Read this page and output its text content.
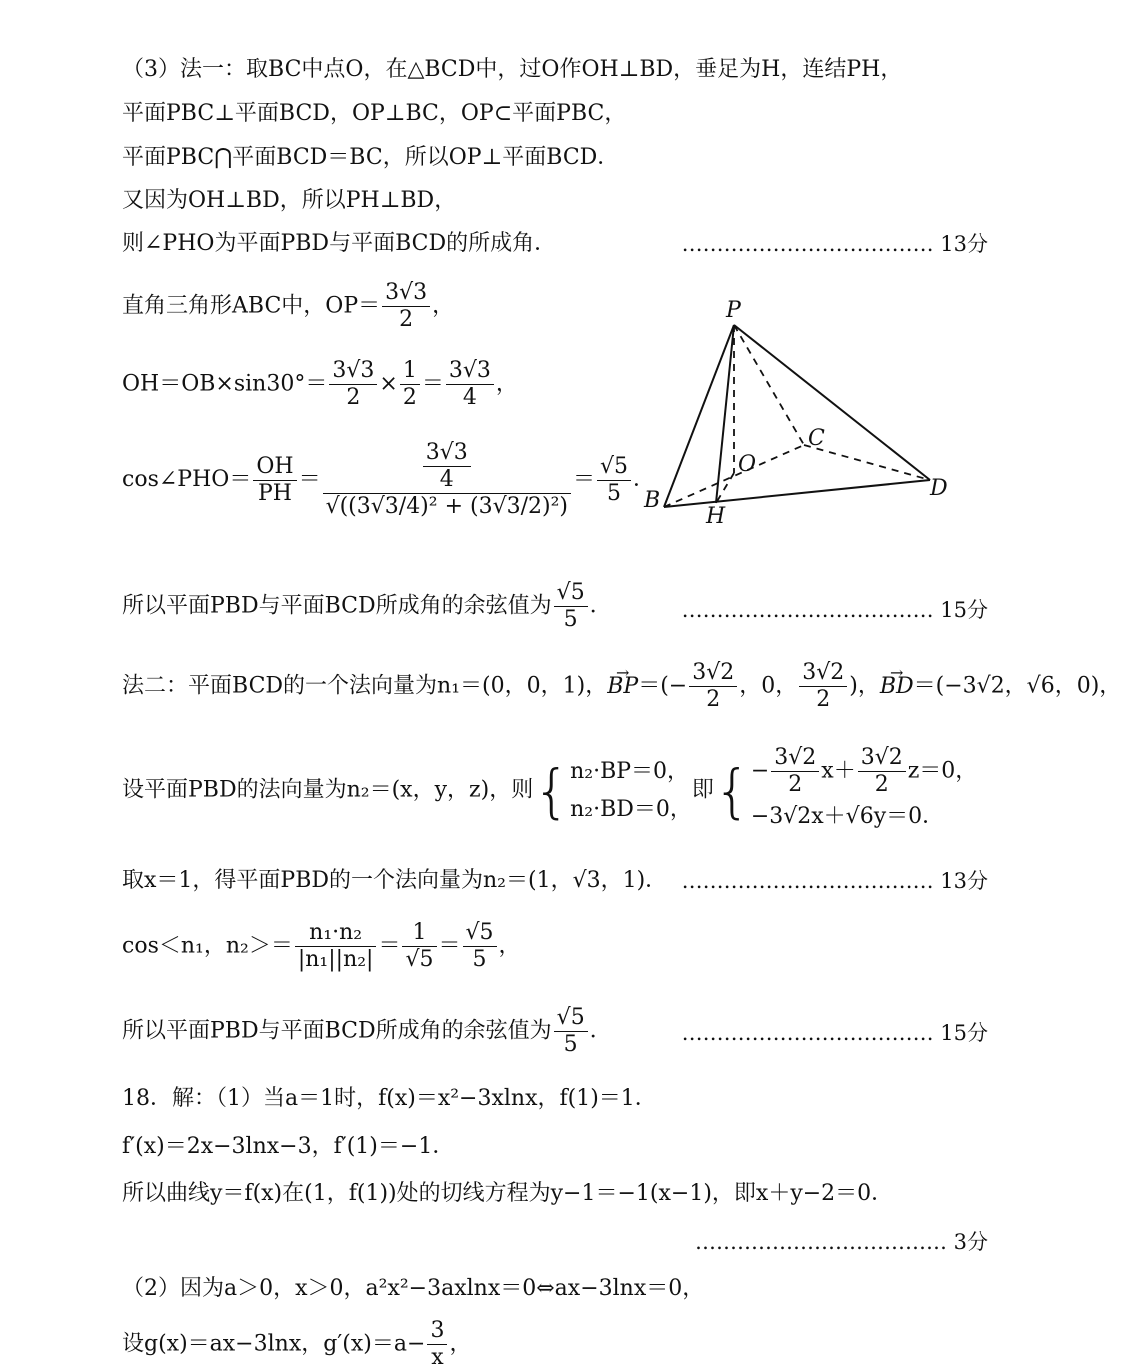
（3）法一：取BC中点O，在△BCD中，过O作OH⊥BD，垂足为H，连结PH，
平面PBC⊥平面BCD，OP⊥BC，OP⊂平面PBC，
平面PBC⋂平面BCD＝BC，所以OP⊥平面BCD．
又因为OH⊥BD，所以PH⊥BD，
则∠PHO为平面PBD与平面BCD的所成角．	……………………………… 13分
直角三角形ABC中，$OP= \frac{3√3}{2}$ ，
$OH=OB\times\sin 30^\circ= \frac{3√3}{2} \times \frac{1}{2} = \frac{3√3}{4}$ ，
cos∠PHO＝ $\frac{OH}{PH} = \frac{\frac{3√3}{4}}{\text{√((3√3/4)² + (3√3/2)²)}} = \frac{√5}{5}$ ．
P
B
C
D
O
H
所以平面PBD与平面BCD所成角的余弦值为 $\frac{√5}{5}$ ．	……………………………… 15分
法二：平面BCD的一个法向量为n₁＝(0，0，1)，→ $BP=(- \frac{3√2}{2}$ ，0， $\frac{3√2}{2}$ )，→ BD＝(−3√2，√6，0)，
设平面PBD的法向量为n₂＝(x，y，z)，则{ n₂·BP＝0，
n₂·BD＝0，
即{ − $\frac{3√2}{2} x+ \frac{3√2}{2} z=0$，
−3√2x＋√6y＝0．
取x＝1，得平面PBD的一个法向量为n₂＝(1，√3，1)． ……………………………… 13分
cos＜n₁，$n_2>= \frac{\text{n₁·n₂}}{\text{|n₁||n₂|}} = \frac{1}{√5} = \frac{√5}{5}$ ，
所以平面PBD与平面BCD所成角的余弦值为 $\frac{√5}{5}$ ．	……………………………… 15分
18．解：（1）当a＝1时，f(x)＝x²−3xlnx，f(1)＝1．
f′(x)＝2x−3lnx−3，f′(1)＝−1．
所以曲线y＝f(x)在(1，f(1))处的切线方程为y−1＝−1(x−1)，即x＋y−2＝0．
……………………………… 3分
（2）因为a＞0，x＞0，a²x²−3axlnx＝0⇔ax−3lnx＝0，
设g(x)＝ax−3lnx，$g'(x)=a- \frac{3}{x}$ ，
